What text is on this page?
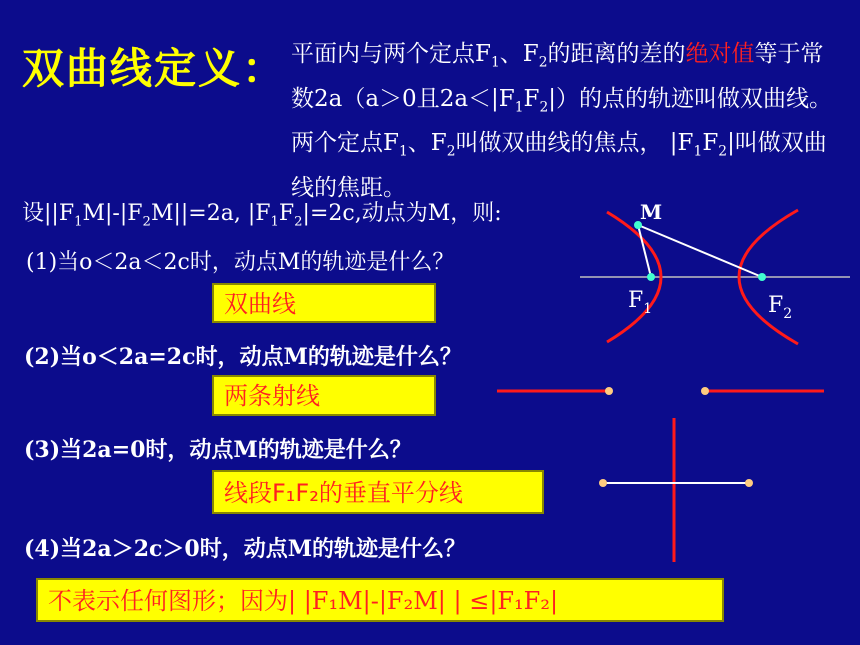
双曲线定义： 平面内与两个定点$F_1$、$F_2$的距离的差的绝对值等于常数2a（a＞0且$2a<|F_1F_2|$）的点的轨迹叫做双曲线。两个定点$F_1$、$F_2$叫做双曲线的焦点， $|F_1F_2|$叫做双曲线的焦距。
设$||F_1M|-|F_2M||=2a$, $|F_1F_2|=2c$,动点为M，则:
(1)当o＜2a＜2c时，动点M的轨迹是什么？
双曲线
(2)当o＜2a=2c时，动点M的轨迹是什么？
两条射线
(3)当2a=0时，动点M的轨迹是什么？
线段F₁F₂的垂直平分线
(4)当2a＞2c＞0时，动点M的轨迹是什么？
不表示任何图形；因为| |F₁M|-|F₂M| | ≤|F₁F₂|
M
$F_1$	$F_2$
